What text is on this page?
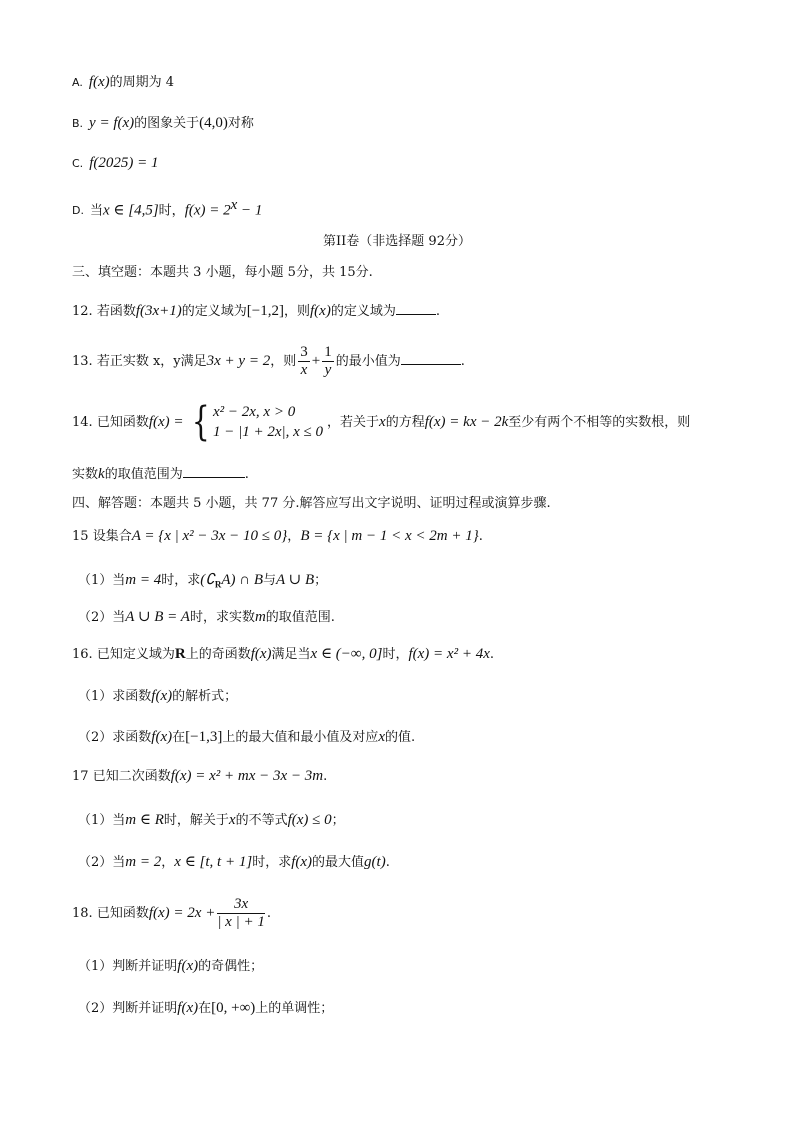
A. f(x)的周期为 4
B. y = f(x)的图象关于(4,0)对称
C. f(2025) = 1
D. 当x ∈ [4,5]时，$f(x) = 2^x - 1$
第II卷（非选择题 92分）
三、填空题：本题共 3 小题，每小题 5分，共 15分.
12. 若函数f(3x+1)的定义域为[−1,2]，则f(x)的定义域为	.
13. 若正实数 x，y满足3x + y = 2，则 $\frac{3}{x} + \frac{1}{y}$ 的最小值为	.
14. 已知函数f(x) = { x² − 2x, x > 0
1 − |1 + 2x|, x ≤ 0
，若关于x的方程f(x) = kx − 2k至少有两个不相等的实数根，则
实数k的取值范围为	.
四、解答题：本题共 5 小题，共 77 分.解答应写出文字说明、证明过程或演算步骤.
15 设集合A = {x | x² − 3x − 10 ≤ 0}，B = {x | m − 1 < x < 2m + 1}.
（1）当m = 4时，求$(∁_RA)$ ∩ B与A ∪ B；
（2）当A ∪ B = A时，求实数m的取值范围.
16. 已知定义域为R上的奇函数f(x)满足当x ∈ (−∞, 0]时，f(x) = x² + 4x.
（1）求函数f(x)的解析式；
（2）求函数f(x)在[−1,3]上的最大值和最小值及对应x的值.
17 已知二次函数f(x) = x² + mx − 3x − 3m.
（1）当m ∈ R时，解关于x的不等式f(x) ≤ 0；
（2）当m = 2，x ∈ [t, t + 1]时，求f(x)的最大值g(t).
18. 已知函数$f(x) = 2x + \frac{3x}{| x | + 1}$ .
（1）判断并证明f(x)的奇偶性；
（2）判断并证明f(x)在[0, +∞)上的单调性；
